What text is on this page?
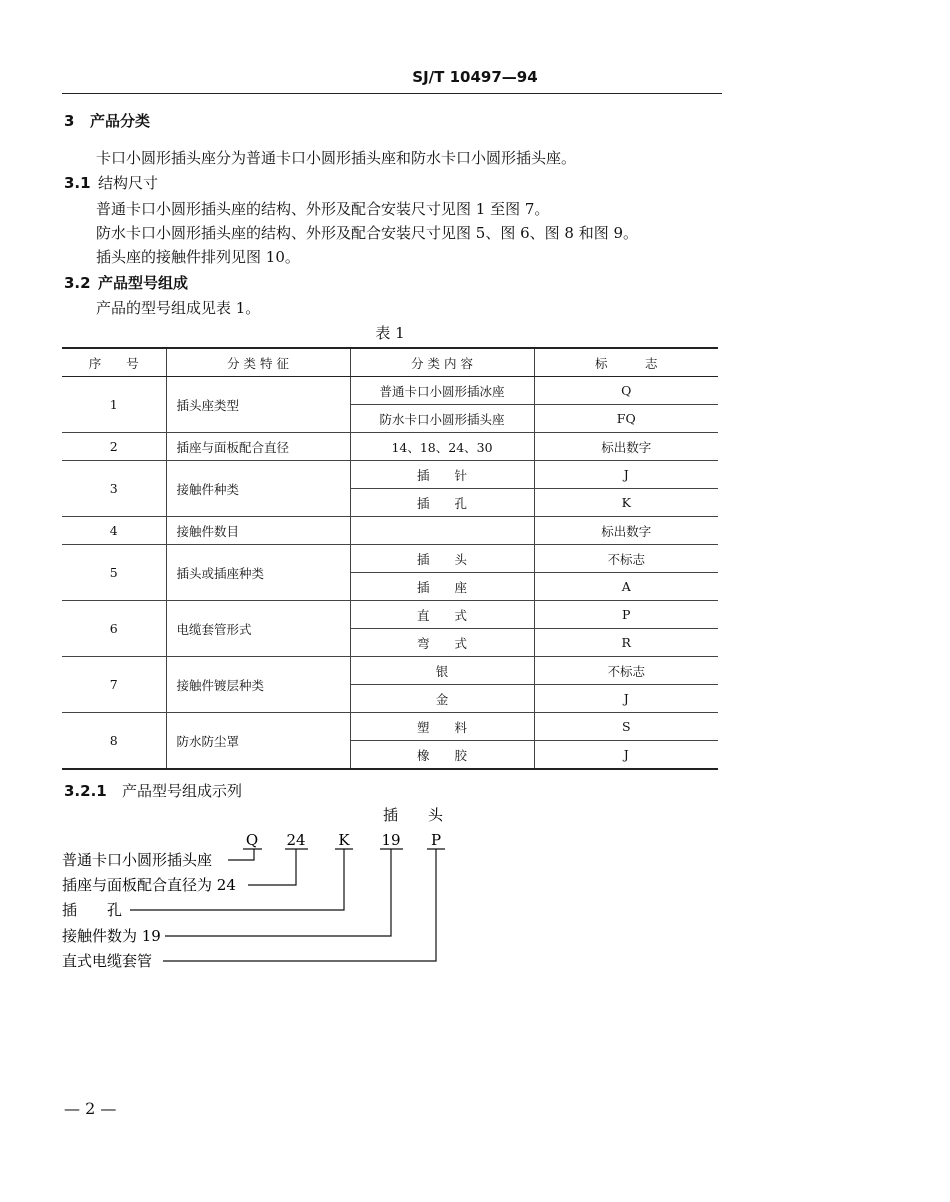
SJ/T 10497—94
3 产品分类
卡口小圆形插头座分为普通卡口小圆形插头座和防水卡口小圆形插头座。
3.1 结构尺寸
普通卡口小圆形插头座的结构、外形及配合安装尺寸见图 1 至图 7。
防水卡口小圆形插头座的结构、外形及配合安装尺寸见图 5、图 6、图 8 和图 9。
插头座的接触件排列见图 10。
3.2 产品型号组成
产品的型号组成见表 1。
表 1
序　　号	分 类 特 征	分 类 内 容	标　　　志
1	插头座类型	普通卡口小圆形插冰座	Q
		防水卡口小圆形插头座	FQ
2	插座与面板配合直径	14、18、24、30	标出数字
3	接触件种类	插　　针	J
		插　　孔	K
4	接触件数目		标出数字
5	插头或插座种类	插　　头	不标志
		插　　座	A
6	电缆套管形式	直　　式	P
		弯　　式	R
7	接触件镀层种类	银	不标志
		金	J
8	防水防尘罩	塑　　料	S
		橡　　胶	J
3.2.1 产品型号组成示列
插　　头
Q 24 K 19 P
普通卡口小圆形插头座
插座与面板配合直径为 24
插　　孔
接触件数为 19
直式电缆套管
— 2 —
